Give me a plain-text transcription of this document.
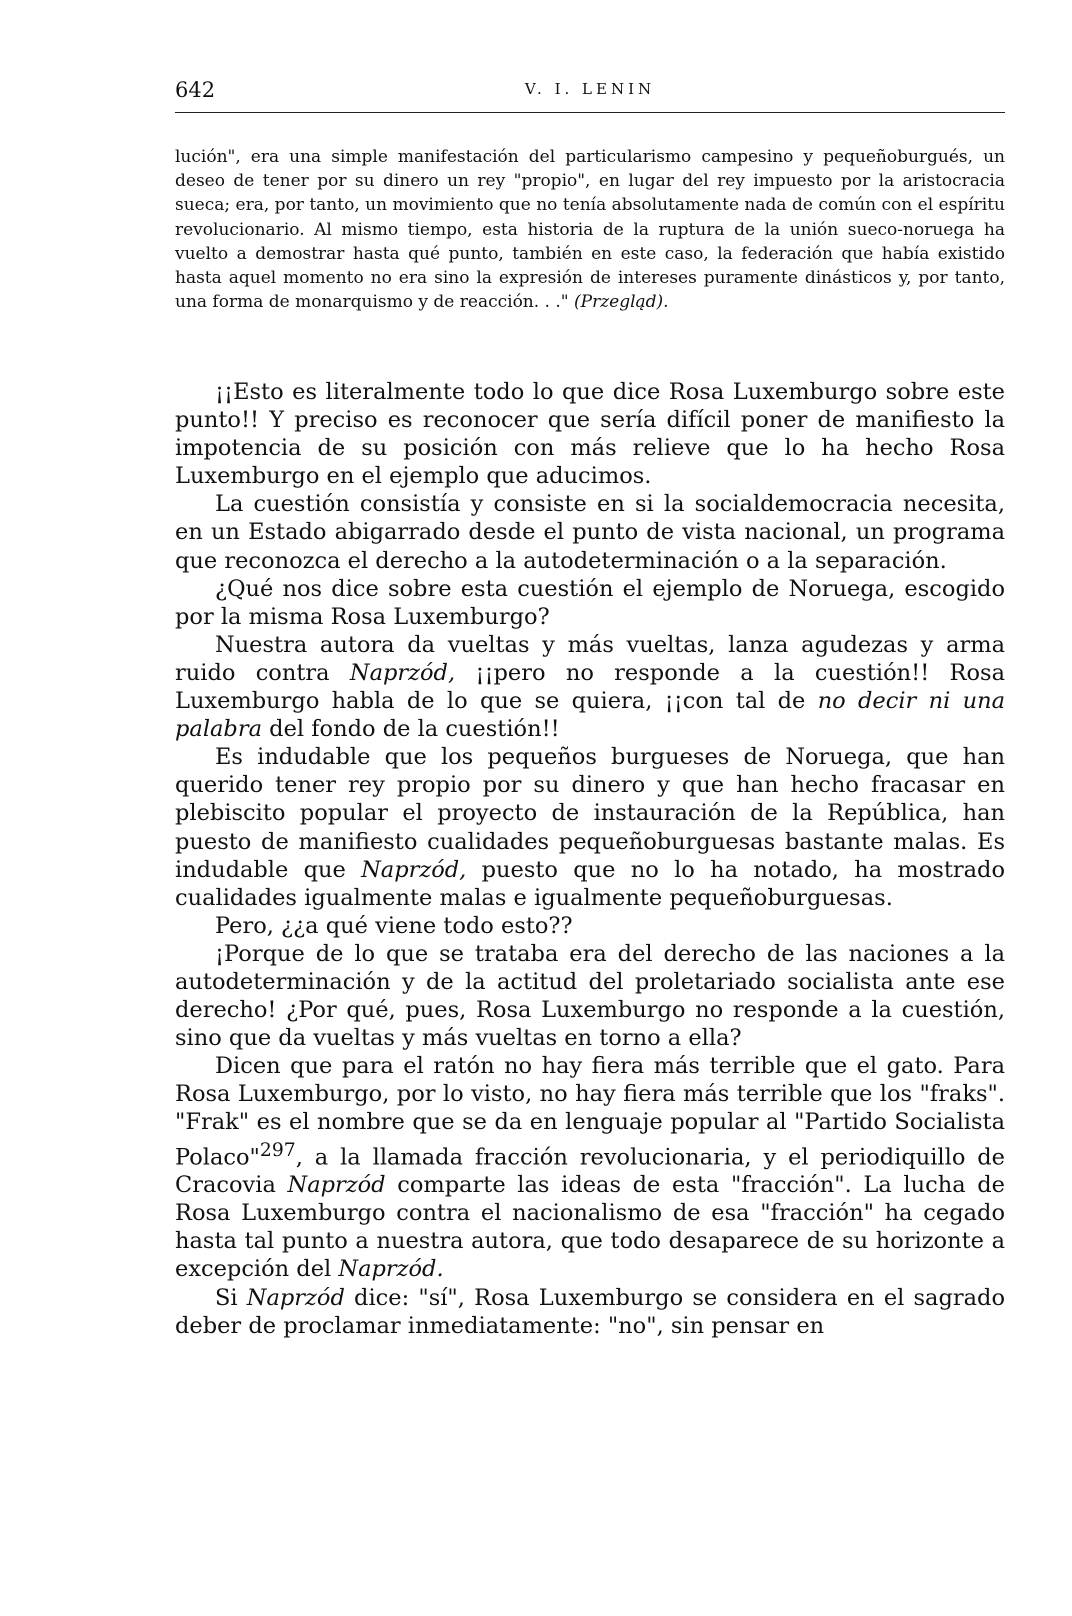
642	V. I. LENIN

lución", era una simple manifestación del particularismo campesino y pequeñoburgués, un deseo de tener por su dinero un rey "propio", en lugar del rey impuesto por la aristocracia sueca; era, por tanto, un movimiento que no tenía absolutamente nada de común con el espíritu revolucionario. Al mismo tiempo, esta historia de la ruptura de la unión sueco-noruega ha vuelto a demostrar hasta qué punto, también en este caso, la federación que había existido hasta aquel momento no era sino la expresión de intereses puramente dinásticos y, por tanto, una forma de monarquismo y de reacción. . ." (Przegląd).

¡¡Esto es literalmente todo lo que dice Rosa Luxemburgo sobre este punto!! Y preciso es reconocer que sería difícil poner de manifiesto la impotencia de su posición con más relieve que lo ha hecho Rosa Luxemburgo en el ejemplo que aducimos.

La cuestión consistía y consiste en si la socialdemocracia necesita, en un Estado abigarrado desde el punto de vista nacional, un programa que reconozca el derecho a la autodeterminación o a la separación.

¿Qué nos dice sobre esta cuestión el ejemplo de Noruega, escogido por la misma Rosa Luxemburgo?

Nuestra autora da vueltas y más vueltas, lanza agudezas y arma ruido contra Naprzód, ¡¡pero no responde a la cuestión!! Rosa Luxemburgo habla de lo que se quiera, ¡¡con tal de no decir ni una palabra del fondo de la cuestión!!

Es indudable que los pequeños burgueses de Noruega, que han querido tener rey propio por su dinero y que han hecho fracasar en plebiscito popular el proyecto de instauración de la República, han puesto de manifiesto cualidades pequeñoburguesas bastante malas. Es indudable que Naprzód, puesto que no lo ha notado, ha mostrado cualidades igualmente malas e igualmente pequeñoburguesas.

Pero, ¿¿a qué viene todo esto??

¡Porque de lo que se trataba era del derecho de las naciones a la autodeterminación y de la actitud del proletariado socialista ante ese derecho! ¿Por qué, pues, Rosa Luxemburgo no responde a la cuestión, sino que da vueltas y más vueltas en torno a ella?

Dicen que para el ratón no hay fiera más terrible que el gato. Para Rosa Luxemburgo, por lo visto, no hay fiera más terrible que los "fraks". "Frak" es el nombre que se da en lenguaje popular al "Partido Socialista Polaco"$^{297}$, a la llamada fracción revolucionaria, y el periodiquillo de Cracovia Naprzód comparte las ideas de esta "fracción". La lucha de Rosa Luxemburgo contra el nacionalismo de esa "fracción" ha cegado hasta tal punto a nuestra autora, que todo desaparece de su horizonte a excepción del Naprzód.

Si Naprzód dice: "sí", Rosa Luxemburgo se considera en el sagrado deber de proclamar inmediatamente: "no", sin pensar en
